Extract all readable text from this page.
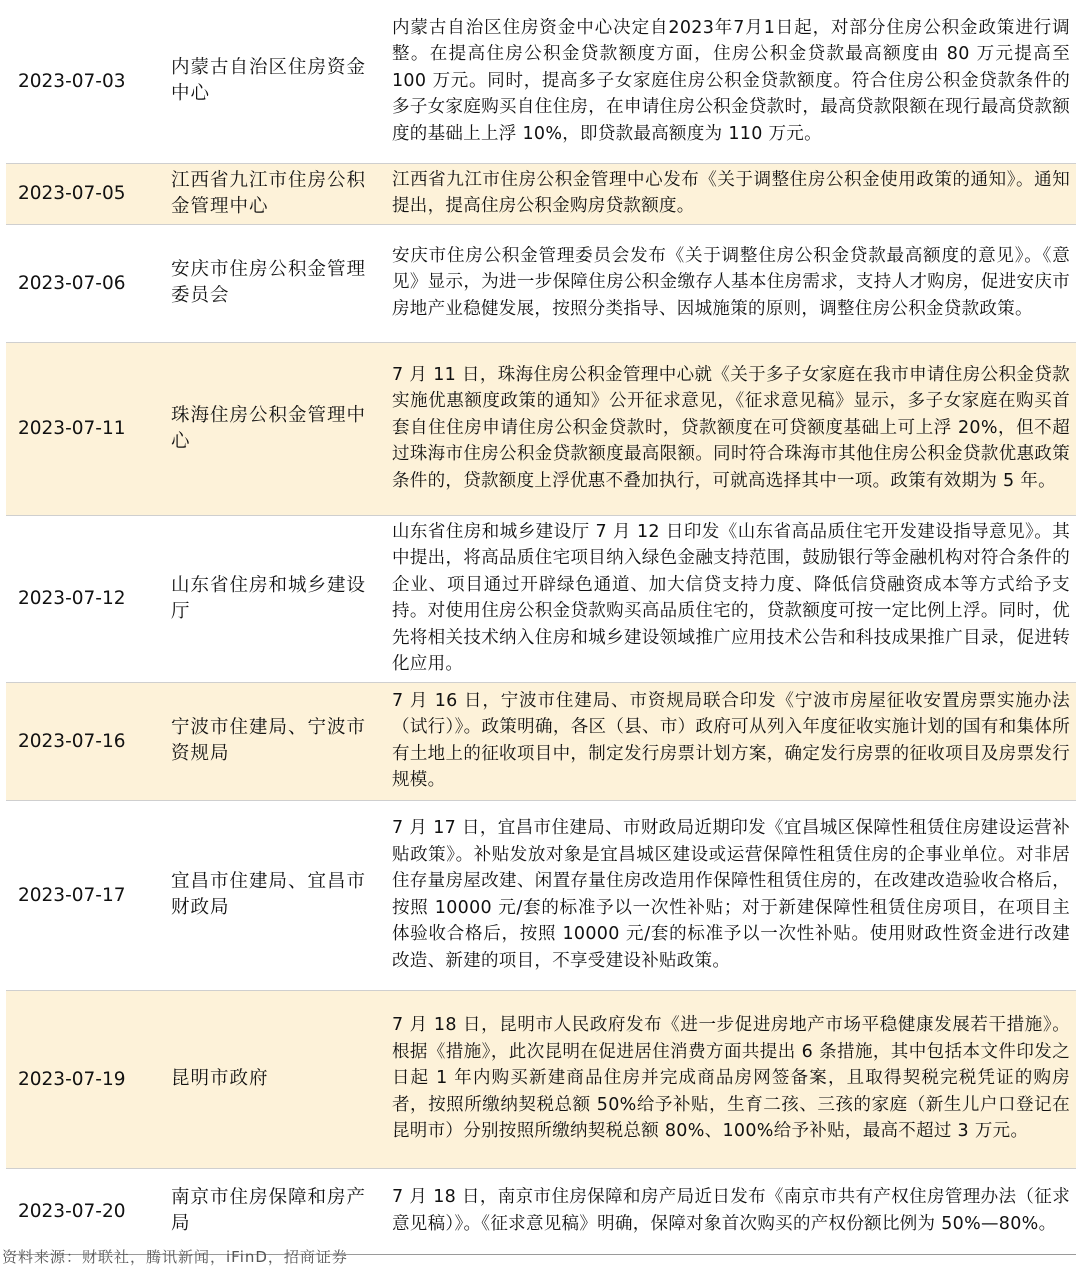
2023-07-03	内蒙古自治区住房资金中心	内蒙古自治区住房资金中心决定自2023年7月1日起，对部分住房公积金政策进行调整。在提高住房公积金贷款额度方面，住房公积金贷款最高额度由 80 万元提高至 100 万元。同时，提高多子女家庭住房公积金贷款额度。符合住房公积金贷款条件的多子女家庭购买自住住房，在申请住房公积金贷款时，最高贷款限额在现行最高贷款额度的基础上上浮 10%，即贷款最高额度为 110 万元。
2023-07-05	江西省九江市住房公积金管理中心	江西省九江市住房公积金管理中心发布《关于调整住房公积金使用政策的通知》。通知提出，提高住房公积金购房贷款额度。
2023-07-06	安庆市住房公积金管理委员会	安庆市住房公积金管理委员会发布《关于调整住房公积金贷款最高额度的意见》。《意见》显示，为进一步保障住房公积金缴存人基本住房需求，支持人才购房，促进安庆市房地产业稳健发展，按照分类指导、因城施策的原则，调整住房公积金贷款政策。
2023-07-11	珠海住房公积金管理中心	7 月 11 日，珠海住房公积金管理中心就《关于多子女家庭在我市申请住房公积金贷款实施优惠额度政策的通知》公开征求意见，《征求意见稿》显示，多子女家庭在购买首套自住住房申请住房公积金贷款时，贷款额度在可贷额度基础上可上浮 20%，但不超过珠海市住房公积金贷款额度最高限额。同时符合珠海市其他住房公积金贷款优惠政策条件的，贷款额度上浮优惠不叠加执行，可就高选择其中一项。政策有效期为 5 年。
2023-07-12	山东省住房和城乡建设厅	山东省住房和城乡建设厅 7 月 12 日印发《山东省高品质住宅开发建设指导意见》。其中提出，将高品质住宅项目纳入绿色金融支持范围，鼓励银行等金融机构对符合条件的企业、项目通过开辟绿色通道、加大信贷支持力度、降低信贷融资成本等方式给予支持。对使用住房公积金贷款购买高品质住宅的，贷款额度可按一定比例上浮。同时，优先将相关技术纳入住房和城乡建设领域推广应用技术公告和科技成果推广目录，促进转化应用。
2023-07-16	宁波市住建局、宁波市资规局	7 月 16 日，宁波市住建局、市资规局联合印发《宁波市房屋征收安置房票实施办法（试行）》。政策明确，各区（县、市）政府可从列入年度征收实施计划的国有和集体所有土地上的征收项目中，制定发行房票计划方案，确定发行房票的征收项目及房票发行规模。
2023-07-17	宜昌市住建局、宜昌市财政局	7 月 17 日，宜昌市住建局、市财政局近期印发《宜昌城区保障性租赁住房建设运营补贴政策》。补贴发放对象是宜昌城区建设或运营保障性租赁住房的企事业单位。对非居住存量房屋改建、闲置存量住房改造用作保障性租赁住房的，在改建改造验收合格后，按照 10000 元/套的标准予以一次性补贴；对于新建保障性租赁住房项目，在项目主体验收合格后，按照 10000 元/套的标准予以一次性补贴。使用财政性资金进行改建改造、新建的项目，不享受建设补贴政策。
2023-07-19	昆明市政府	7 月 18 日，昆明市人民政府发布《进一步促进房地产市场平稳健康发展若干措施》。根据《措施》，此次昆明在促进居住消费方面共提出 6 条措施，其中包括本文件印发之日起 1 年内购买新建商品住房并完成商品房网签备案，且取得契税完税凭证的购房者，按照所缴纳契税总额 50%给予补贴，生育二孩、三孩的家庭（新生儿户口登记在昆明市）分别按照所缴纳契税总额 80%、100%给予补贴，最高不超过 3 万元。
2023-07-20	南京市住房保障和房产局	7 月 18 日，南京市住房保障和房产局近日发布《南京市共有产权住房管理办法（征求意见稿）》。《征求意见稿》明确，保障对象首次购买的产权份额比例为 50%—80%。
资料来源：财联社，腾讯新闻，iFinD，招商证券
